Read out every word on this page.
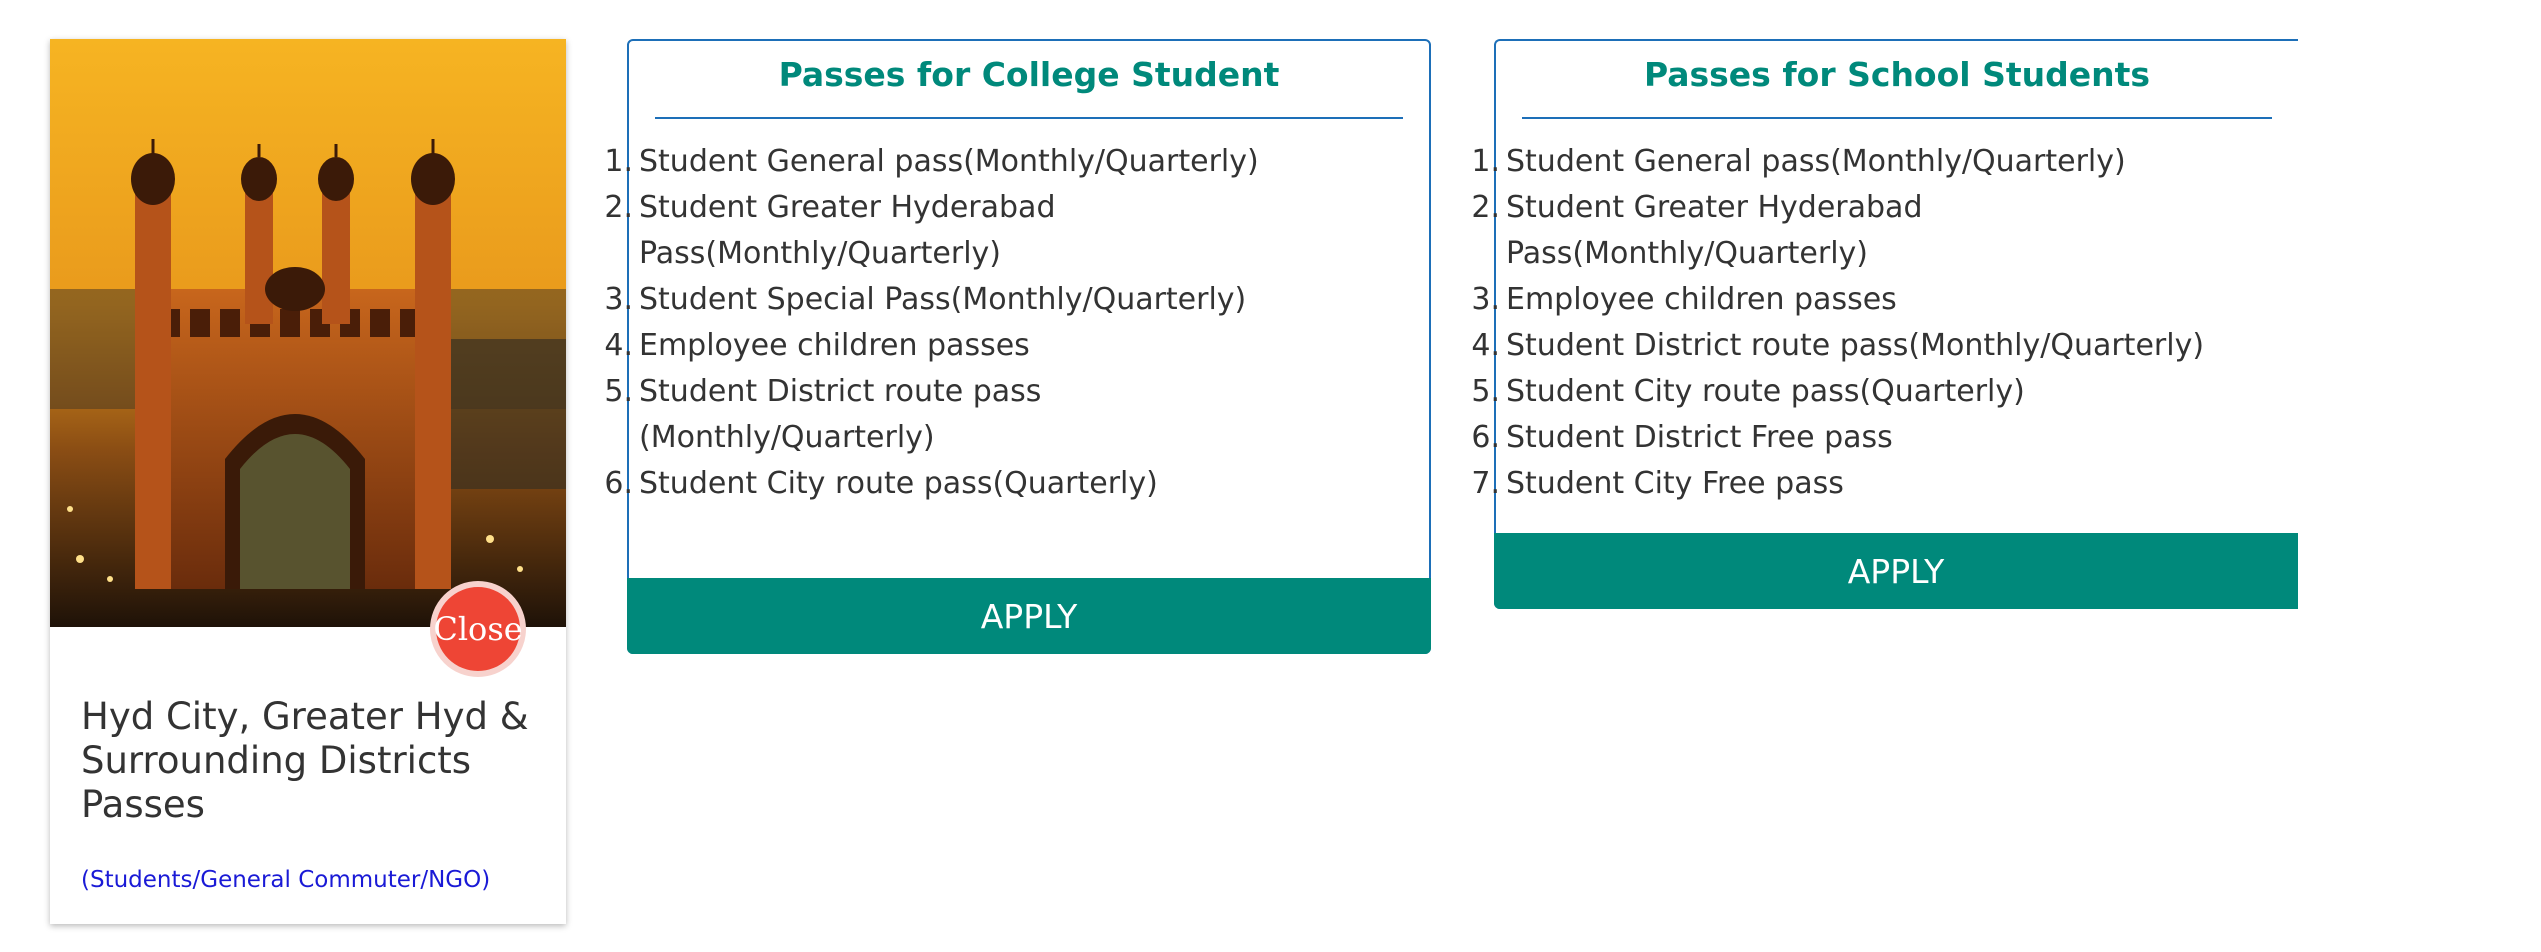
Close
Hyd City, Greater Hyd & Surrounding Districts Passes
(Students/General Commuter/NGO)
Passes for College Student
1. Student General pass(Monthly/Quarterly)
2. Student Greater Hyderabad Pass(Monthly/Quarterly)
3. Student Special Pass(Monthly/Quarterly)
4. Employee children passes
5. Student District route pass (Monthly/Quarterly)
6. Student City route pass(Quarterly)
APPLY
Passes for School Students
1. Student General pass(Monthly/Quarterly)
2. Student Greater Hyderabad Pass(Monthly/Quarterly)
3. Employee children passes
4. Student District route pass(Monthly/Quarterly)
5. Student City route pass(Quarterly)
6. Student District Free pass
7. Student City Free pass
APPLY
